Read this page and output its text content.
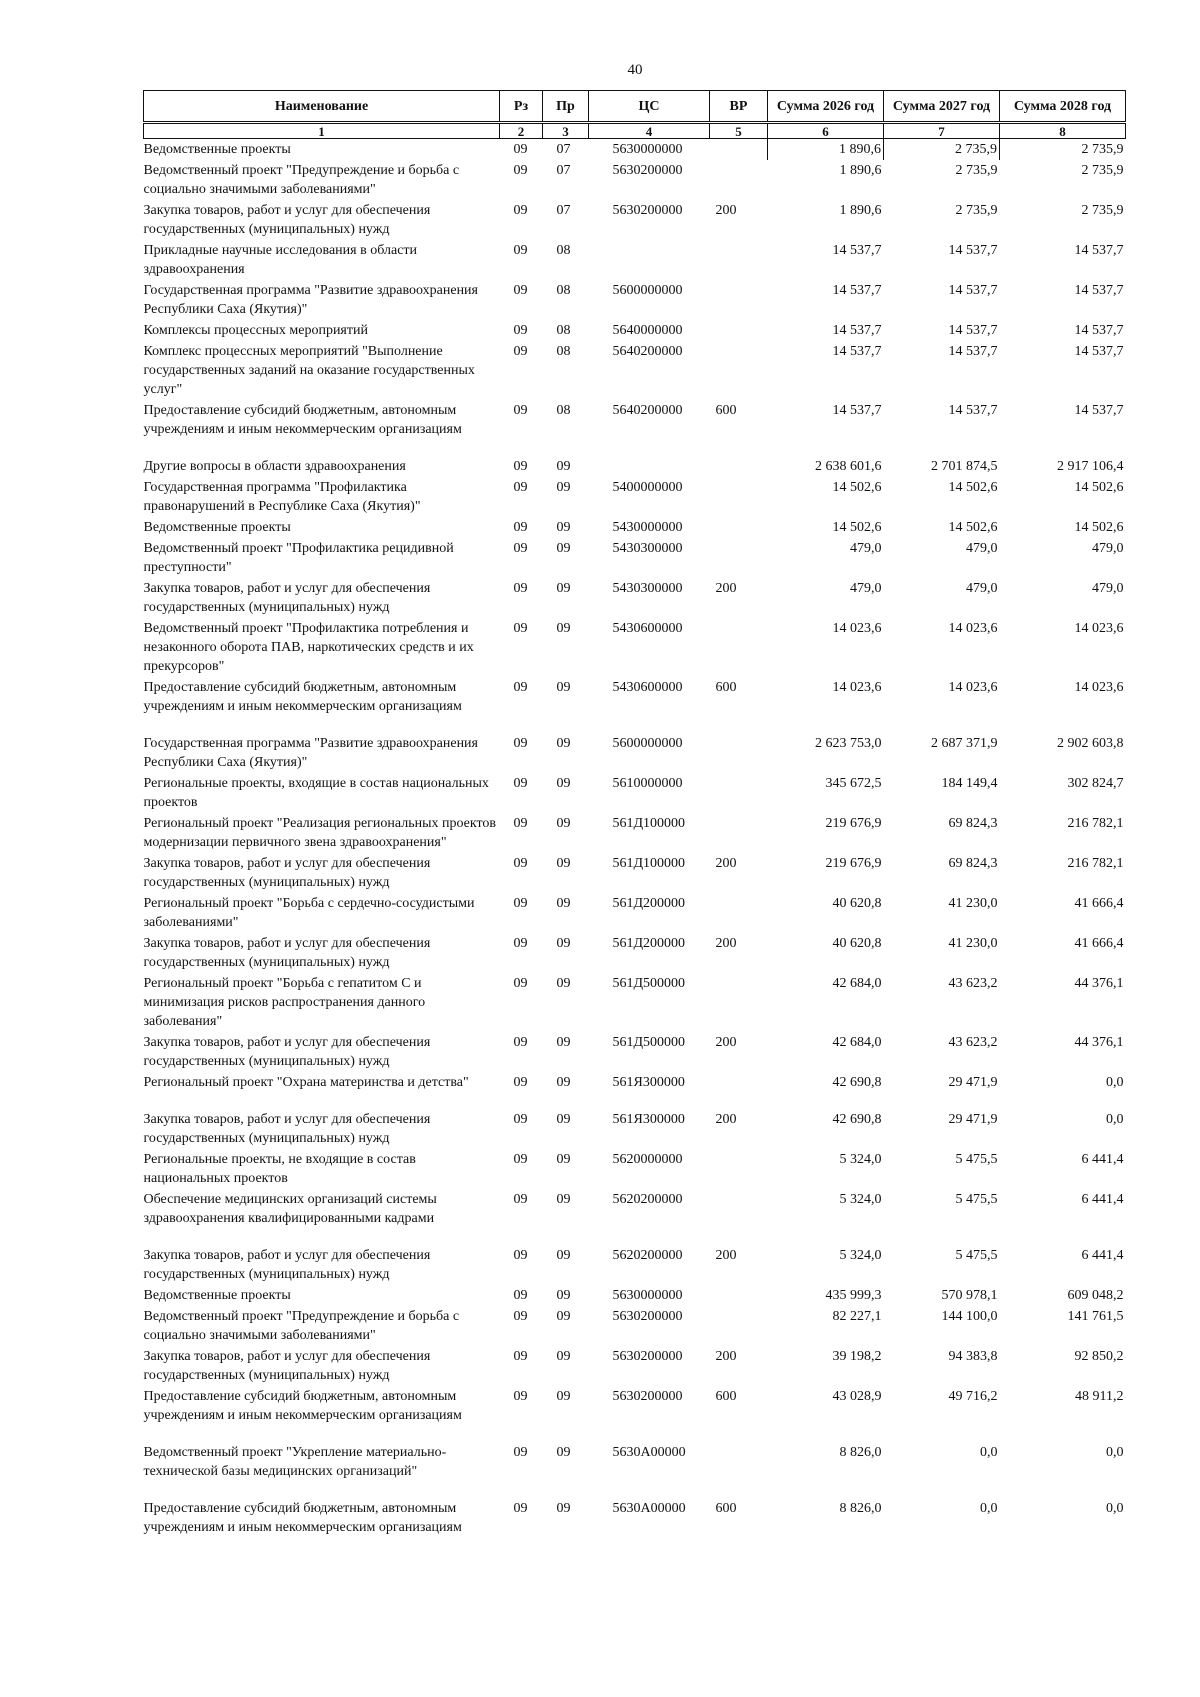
40
Наименование	Рз	Пр	ЦС	ВР	Сумма 2026 год	Сумма 2027 год	Сумма 2028 год
1	2	3	4	5	6	7	8
Ведомственные проекты	09	07	5630000000		1 890,6	2 735,9	2 735,9
Ведомственный проект "Предупреждение и борьба с социально значимыми заболеваниями"	09	07	5630200000		1 890,6	2 735,9	2 735,9
Закупка товаров, работ и услуг для обеспечения государственных (муниципальных) нужд	09	07	5630200000	200	1 890,6	2 735,9	2 735,9
Прикладные научные исследования в области здравоохранения	09	08			14 537,7	14 537,7	14 537,7
Государственная программа "Развитие здравоохранения Республики Саха (Якутия)"	09	08	5600000000		14 537,7	14 537,7	14 537,7
Комплексы процессных мероприятий	09	08	5640000000		14 537,7	14 537,7	14 537,7
Комплекс процессных мероприятий "Выполнение государственных заданий на оказание государственных услуг"	09	08	5640200000		14 537,7	14 537,7	14 537,7
Предоставление субсидий бюджетным, автономным учреждениям и иным некоммерческим организациям	09	08	5640200000	600	14 537,7	14 537,7	14 537,7

Другие вопросы в области здравоохранения	09	09			2 638 601,6	2 701 874,5	2 917 106,4
Государственная программа "Профилактика правонарушений в Республике Саха (Якутия)"	09	09	5400000000		14 502,6	14 502,6	14 502,6
Ведомственные проекты	09	09	5430000000		14 502,6	14 502,6	14 502,6
Ведомственный проект "Профилактика рецидивной преступности"	09	09	5430300000		479,0	479,0	479,0
Закупка товаров, работ и услуг для обеспечения государственных (муниципальных) нужд	09	09	5430300000	200	479,0	479,0	479,0
Ведомственный проект "Профилактика потребления и незаконного оборота ПАВ, наркотических средств и их прекурсоров"	09	09	5430600000		14 023,6	14 023,6	14 023,6
Предоставление субсидий бюджетным, автономным учреждениям и иным некоммерческим организациям	09	09	5430600000	600	14 023,6	14 023,6	14 023,6

Государственная программа "Развитие здравоохранения Республики Саха (Якутия)"	09	09	5600000000		2 623 753,0	2 687 371,9	2 902 603,8
Региональные проекты, входящие в состав национальных проектов	09	09	5610000000		345 672,5	184 149,4	302 824,7
Региональный проект "Реализация региональных проектов модернизации первичного звена здравоохранения"	09	09	561Д100000		219 676,9	69 824,3	216 782,1
Закупка товаров, работ и услуг для обеспечения государственных (муниципальных) нужд	09	09	561Д100000	200	219 676,9	69 824,3	216 782,1
Региональный проект "Борьба с сердечно-сосудистыми заболеваниями"	09	09	561Д200000		40 620,8	41 230,0	41 666,4
Закупка товаров, работ и услуг для обеспечения государственных (муниципальных) нужд	09	09	561Д200000	200	40 620,8	41 230,0	41 666,4
Региональный проект "Борьба с гепатитом С и минимизация рисков распространения данного заболевания"	09	09	561Д500000		42 684,0	43 623,2	44 376,1
Закупка товаров, работ и услуг для обеспечения государственных (муниципальных) нужд	09	09	561Д500000	200	42 684,0	43 623,2	44 376,1
Региональный проект "Охрана материнства и детства"	09	09	561Я300000		42 690,8	29 471,9	0,0

Закупка товаров, работ и услуг для обеспечения государственных (муниципальных) нужд	09	09	561Я300000	200	42 690,8	29 471,9	0,0
Региональные проекты, не входящие в состав национальных проектов	09	09	5620000000		5 324,0	5 475,5	6 441,4
Обеспечение медицинских организаций системы здравоохранения квалифицированными кадрами	09	09	5620200000		5 324,0	5 475,5	6 441,4

Закупка товаров, работ и услуг для обеспечения государственных (муниципальных) нужд	09	09	5620200000	200	5 324,0	5 475,5	6 441,4
Ведомственные проекты	09	09	5630000000		435 999,3	570 978,1	609 048,2
Ведомственный проект "Предупреждение и борьба с социально значимыми заболеваниями"	09	09	5630200000		82 227,1	144 100,0	141 761,5
Закупка товаров, работ и услуг для обеспечения государственных (муниципальных) нужд	09	09	5630200000	200	39 198,2	94 383,8	92 850,2
Предоставление субсидий бюджетным, автономным учреждениям и иным некоммерческим организациям	09	09	5630200000	600	43 028,9	49 716,2	48 911,2

Ведомственный проект "Укрепление материально-технической базы медицинских организаций"	09	09	5630А00000		8 826,0	0,0	0,0

Предоставление субсидий бюджетным, автономным учреждениям и иным некоммерческим организациям	09	09	5630А00000	600	8 826,0	0,0	0,0
